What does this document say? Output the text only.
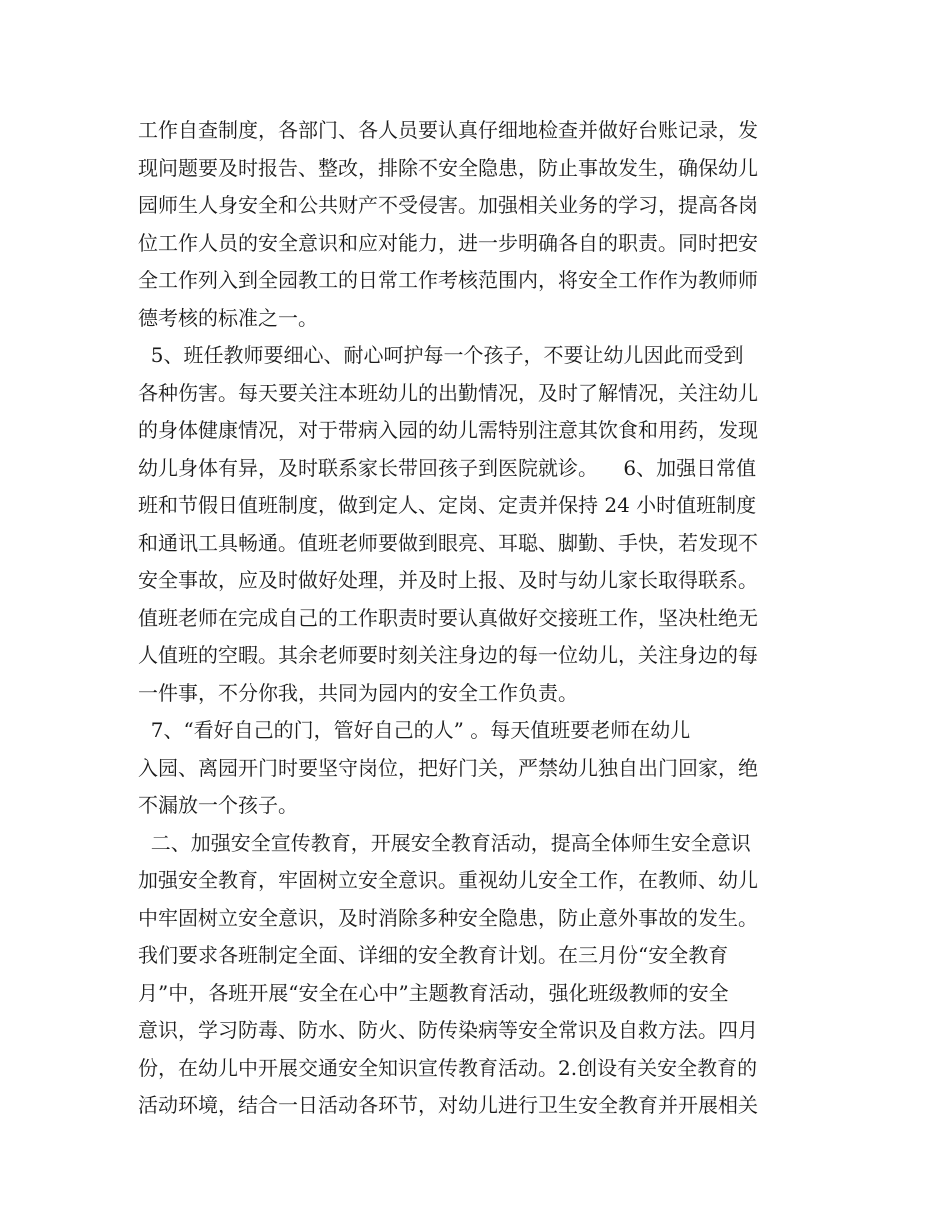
工作自查制度，各部门、各人员要认真仔细地检查并做好台账记录，发
现问题要及时报告、整改，排除不安全隐患，防止事故发生，确保幼儿
园师生人身安全和公共财产不受侵害。加强相关业务的学习，提高各岗
位工作人员的安全意识和应对能力，进一步明确各自的职责。同时把安
全工作列入到全园教工的日常工作考核范围内，将安全工作作为教师师
德考核的标准之一。
5、班任教师要细心、耐心呵护每一个孩子，不要让幼儿因此而受到
各种伤害。每天要关注本班幼儿的出勤情况，及时了解情况，关注幼儿
的身体健康情况，对于带病入园的幼儿需特别注意其饮食和用药，发现
幼儿身体有异，及时联系家长带回孩子到医院就诊。    6、加强日常值
班和节假日值班制度，做到定人、定岗、定责并保持 24 小时值班制度
和通讯工具畅通。值班老师要做到眼亮、耳聪、脚勤、手快，若发现不
安全事故，应及时做好处理，并及时上报、及时与幼儿家长取得联系。
值班老师在完成自己的工作职责时要认真做好交接班工作，坚决杜绝无
人值班的空暇。其余老师要时刻关注身边的每一位幼儿，关注身边的每
一件事，不分你我，共同为园内的安全工作负责。
7、“看好自己的门，管好自己的人” 。每天值班要老师在幼儿
入园、离园开门时要坚守岗位，把好门关，严禁幼儿独自出门回家，绝
不漏放一个孩子。
二、加强安全宣传教育，开展安全教育活动，提高全体师生安全意识
加强安全教育，牢固树立安全意识。重视幼儿安全工作，在教师、幼儿
中牢固树立安全意识，及时消除多种安全隐患，防止意外事故的发生。
我们要求各班制定全面、详细的安全教育计划。在三月份“安全教育
月”中，各班开展“安全在心中”主题教育活动，强化班级教师的安全
意识，学习防毒、防水、防火、防传染病等安全常识及自救方法。四月
份，在幼儿中开展交通安全知识宣传教育活动。2.创设有关安全教育的
活动环境，结合一日活动各环节，对幼儿进行卫生安全教育并开展相关
